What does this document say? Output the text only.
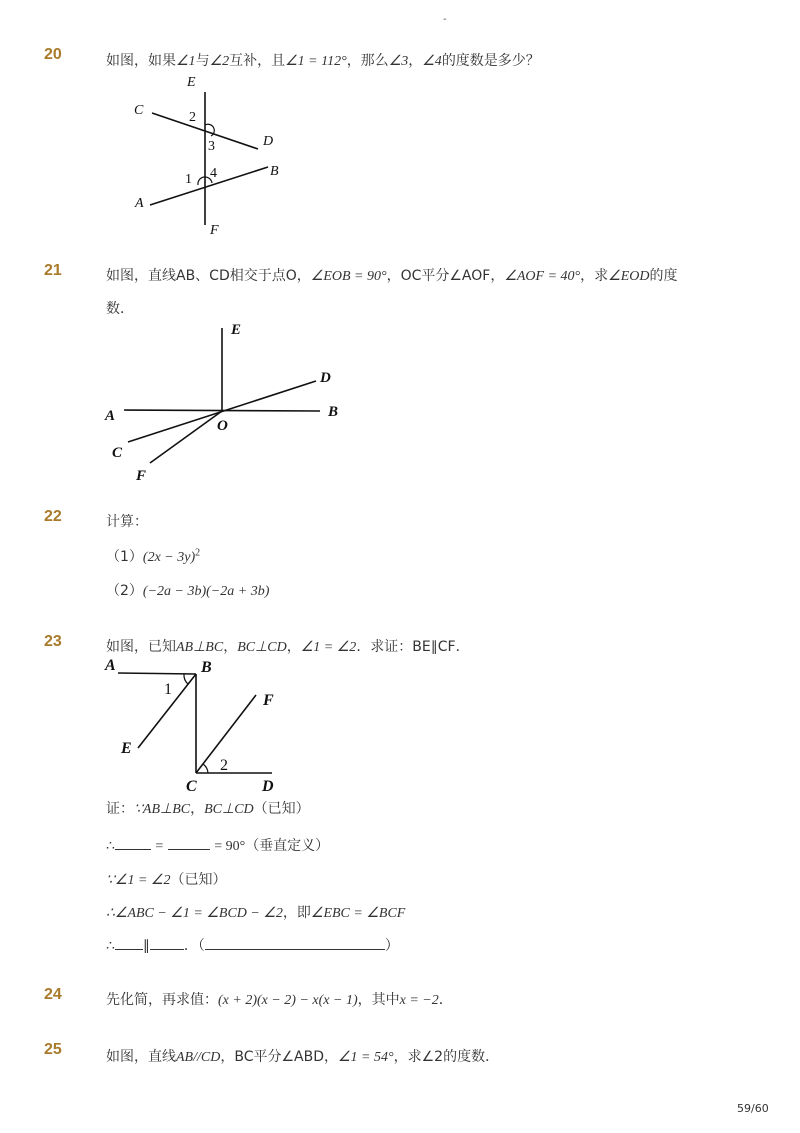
-
20	如图，如果∠1与∠2互补，且∠1 = 112°，那么∠3，∠4的度数是多少？
E
C
D
B
A
F
2
3
1 4
21	如图，直线AB、CD相交于点O，∠EOB = 90°，OC平分∠AOF，∠AOF = 40°，求∠EOD的度
数．
E
D
A	B
O
C
F
22	计算：
$(1)(2x - 3y)^2$
（2）(−2a − 3b)(−2a + 3b)
23	如图，已知AB⊥BC，BC⊥CD，∠1 = ∠2．求证：BE∥CF．
A	B
F
E
C	D
1
2
证：∵AB⊥BC，BC⊥CD（已知）
∴	=	= 90°（垂直定义）
∵∠1 = ∠2（已知）
∴∠ABC − ∠1 = ∠BCD − ∠2，即∠EBC = ∠BCF
∴ ∥ ．（	）
24	先化简，再求值：(x + 2)(x − 2) − x(x − 1)，其中x = −2．
25	如图，直线AB//CD，BC平分∠ABD，∠1 = 54°，求∠2的度数．
59/60
